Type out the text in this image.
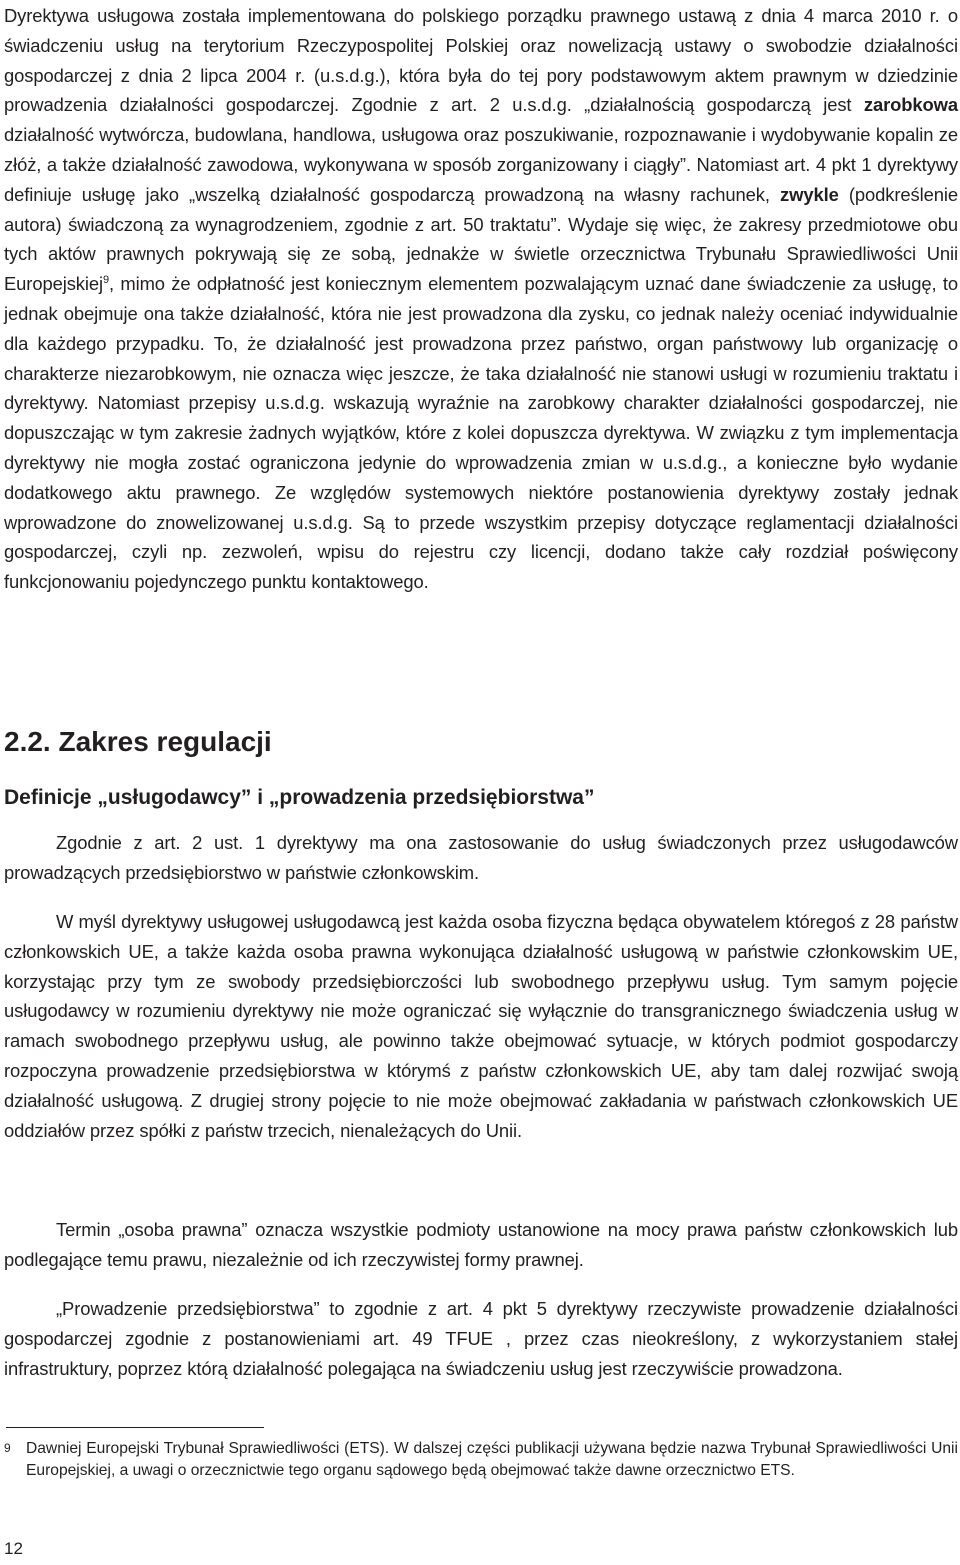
Dyrektywa usługowa została implementowana do polskiego porządku prawnego ustawą z dnia 4 marca 2010 r. o świadczeniu usług na terytorium Rzeczypospolitej Polskiej oraz nowelizacją ustawy o swobodzie działalności gospodarczej z dnia 2 lipca 2004 r. (u.s.d.g.), która była do tej pory podstawowym aktem prawnym w dziedzinie prowadzenia działalności gospodarczej. Zgodnie z art. 2 u.s.d.g. „działalnością gospodarczą jest zarobkowa działalność wytwórcza, budowlana, handlowa, usługowa oraz poszukiwanie, rozpoznawanie i wydobywanie kopalin ze złóż, a także działalność zawodowa, wykonywana w sposób zorganizowany i ciągły”. Natomiast art. 4 pkt 1 dyrektywy definiuje usługę jako „wszelką działalność gospodarczą prowadzoną na własny rachunek, zwykle (podkreślenie autora) świadczoną za wynagrodzeniem, zgodnie z art. 50 traktatu”. Wydaje się więc, że zakresy przedmiotowe obu tych aktów prawnych pokrywają się ze sobą, jednakże w świetle orzecznictwa Trybunału Sprawiedliwości Unii Europejskiej$^9$, mimo że odpłatność jest koniecznym elementem pozwalającym uznać dane świadczenie za usługę, to jednak obejmuje ona także działalność, która nie jest prowadzona dla zysku, co jednak należy oceniać indywidualnie dla każdego przypadku. To, że działalność jest prowadzona przez państwo, organ państwowy lub organizację o charakterze niezarobkowym, nie oznacza więc jeszcze, że taka działalność nie stanowi usługi w rozumieniu traktatu i dyrektywy. Natomiast przepisy u.s.d.g. wskazują wyraźnie na zarobkowy charakter działalności gospodarczej, nie dopuszczając w tym zakresie żadnych wyjątków, które z kolei dopuszcza dyrektywa. W związku z tym implementacja dyrektywy nie mogła zostać ograniczona jedynie do wprowadzenia zmian w u.s.d.g., a konieczne było wydanie dodatkowego aktu prawnego. Ze względów systemowych niektóre postanowienia dyrektywy zostały jednak wprowadzone do znowelizowanej u.s.d.g. Są to przede wszystkim przepisy dotyczące reglamentacji działalności gospodarczej, czyli np. zezwoleń, wpisu do rejestru czy licencji, dodano także cały rozdział poświęcony funkcjonowaniu pojedynczego punktu kontaktowego.

2.2. Zakres regulacji
Definicje „usługodawcy” i „prowadzenia przedsiębiorstwa”

Zgodnie z art. 2 ust. 1 dyrektywy ma ona zastosowanie do usług świadczonych przez usługodawców prowadzących przedsiębiorstwo w państwie członkowskim.

W myśl dyrektywy usługowej usługodawcą jest każda osoba fizyczna będąca obywatelem któregoś z 28 państw członkowskich UE, a także każda osoba prawna wykonująca działalność usługową w państwie członkowskim UE, korzystając przy tym ze swobody przedsiębiorczości lub swobodnego przepływu usług. Tym samym pojęcie usługodawcy w rozumieniu dyrektywy nie może ograniczać się wyłącznie do transgranicznego świadczenia usług w ramach swobodnego przepływu usług, ale powinno także obejmować sytuacje, w których podmiot gospodarczy rozpoczyna prowadzenie przedsiębiorstwa w którymś z państw członkowskich UE, aby tam dalej rozwijać swoją działalność usługową. Z drugiej strony pojęcie to nie może obejmować zakładania w państwach członkowskich UE oddziałów przez spółki z państw trzecich, nienależących do Unii.

Termin „osoba prawna” oznacza wszystkie podmioty ustanowione na mocy prawa państw członkowskich lub podlegające temu prawu, niezależnie od ich rzeczywistej formy prawnej.

„Prowadzenie przedsiębiorstwa” to zgodnie z art. 4 pkt 5 dyrektywy rzeczywiste prowadzenie działalności gospodarczej zgodnie z postanowieniami art. 49 TFUE , przez czas nieokreślony, z wykorzystaniem stałej infrastruktury, poprzez którą działalność polegająca na świadczeniu usług jest rzeczywiście prowadzona.

9 Dawniej Europejski Trybunał Sprawiedliwości (ETS). W dalszej części publikacji używana będzie nazwa Trybunał Sprawiedliwości Unii Europejskiej, a uwagi o orzecznictwie tego organu sądowego będą obejmować także dawne orzecznictwo ETS.

12
